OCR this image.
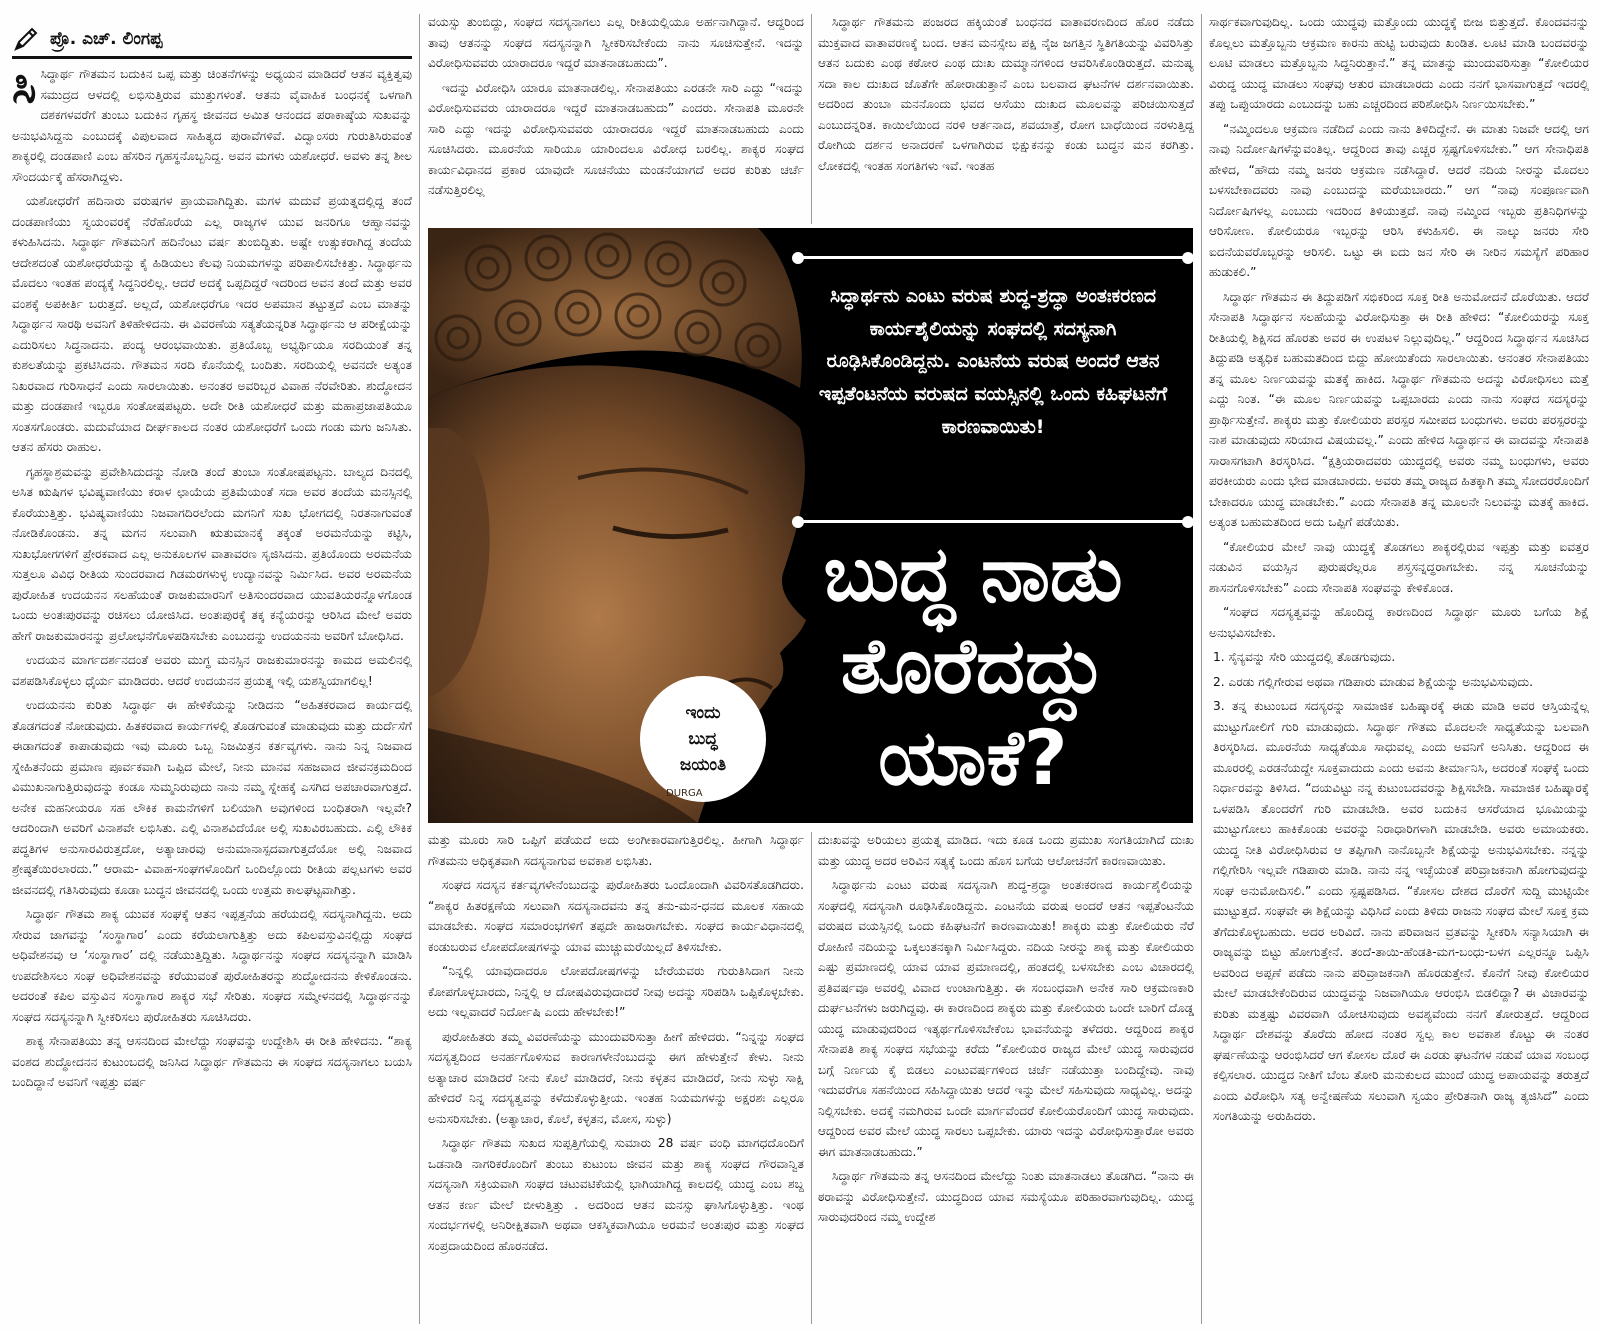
ಪ್ರೊ. ಎಚ್. ಲಿಂಗಪ್ಪ

ಸಿಸಿದ್ಧಾರ್ಥ ಗೌತಮನ ಬದುಕಿನ ಒಪ್ಪ ಮತ್ತು ಚಿಂತನೆಗಳನ್ನು ಅಧ್ಯಯನ ಮಾಡಿದರೆ ಆತನ ವ್ಯಕ್ತಿತ್ವವು ಸಮುದ್ರದ ಆಳದಲ್ಲಿ ಲಭಿಸುತ್ತಿರುವ ಮುತ್ತುಗಳಂತೆ. ಆತನು ವೈವಾಹಿಕ ಬಂಧನಕ್ಕೆ ಒಳಗಾಗಿ ದಶಕಗಳವರೆಗೆ ತುಂಬು ಬದುಕಿನ ಗೃಹಸ್ಥ ಜೀವನದ ಅಮಿತ ಆನಂದದ ಪರಾಕಾಷ್ಠೆಯ ಸುಖವನ್ನು ಅನುಭವಿಸಿದ್ದನು ಎಂಬುದಕ್ಕೆ ವಿಪುಲವಾದ ಸಾಹಿತ್ಯದ ಪುರಾವೆಗಳಿವೆ. ವಿದ್ವಾಂಸರು ಗುರುತಿಸಿರುವಂತೆ ಶಾಕ್ಯರಲ್ಲಿ ದಂಡಪಾಣಿ ಎಂಬ ಹೆಸರಿನ ಗೃಹಸ್ಥನೊಬ್ಬನಿದ್ದ. ಅವನ ಮಗಳು ಯಶೋಧರೆ. ಅವಳು ತನ್ನ ಶೀಲ ಸೌಂದರ್ಯಕ್ಕೆ ಹೆಸರಾಗಿದ್ದಳು.

ಯಶೋಧರೆಗೆ ಹದಿನಾರು ವರುಷಗಳ ಪ್ರಾಯವಾಗಿದ್ದಿತು. ಮಗಳ ಮದುವೆ ಪ್ರಯತ್ನದಲ್ಲಿದ್ದ ತಂದೆ ದಂಡಪಾಣಿಯು ಸ್ವಯಂವರಕ್ಕೆ ನೆರೆಹೊರೆಯ ಎಲ್ಲ ರಾಜ್ಯಗಳ ಯುವ ಜನರಿಗೂ ಆಹ್ವಾನವನ್ನು ಕಳುಹಿಸಿದನು. ಸಿದ್ಧಾರ್ಥ ಗೌತಮನಿಗೆ ಹದಿನೆಂಟು ವರ್ಷ ತುಂಬಿದ್ದಿತು. ಅಷ್ಟೇ ಉತ್ಸುಕರಾಗಿದ್ದ ತಂದೆಯ ಆದೇಶದಂತೆ ಯಶೋಧರೆಯನ್ನು ಕೈ ಹಿಡಿಯಲು ಕೆಲವು ನಿಯಮಗಳನ್ನು ಪರಿಪಾಲಿಸಬೇಕಿತ್ತು. ಸಿದ್ಧಾರ್ಥನು ಮೊದಲು ಇಂತಹ ಪಂದ್ಯಕ್ಕೆ ಸಿದ್ಧನಿರಲಿಲ್ಲ. ಆದರೆ ಅದಕ್ಕೆ ಒಪ್ಪದಿದ್ದರೆ ಇದರಿಂದ ಅವನ ತಂದೆ ಮತ್ತು ಅವರ ವಂಶಕ್ಕೆ ಅಪಕೀರ್ತಿ ಬರುತ್ತದೆ. ಅಲ್ಲದೆ, ಯಶೋಧರೆಗೂ ಇದರ ಅಪಮಾನ ತಟ್ಟುತ್ತದೆ ಎಂಬ ಮಾತನ್ನು ಸಿದ್ಧಾರ್ಥನ ಸಾರಥಿ ಅವನಿಗೆ ತಿಳಿಹೇಳಿದನು. ಈ ವಿವರಣೆಯ ಸತ್ಯತೆಯನ್ನರಿತ ಸಿದ್ಧಾರ್ಥನು ಆ ಪರೀಕ್ಷೆಯನ್ನು ಎದುರಿಸಲು ಸಿದ್ಧನಾದನು. ಪಂದ್ಯ ಆರಂಭವಾಯಿತು. ಪ್ರತಿಯೊಬ್ಬ ಅಭ್ಯರ್ಥಿಯೂ ಸರದಿಯಂತೆ ತನ್ನ ಕುಶಲತೆಯನ್ನು ಪ್ರಕಟಿಸಿದನು. ಗೌತಮನ ಸರದಿ ಕೊನೆಯಲ್ಲಿ ಬಂದಿತು. ಸರದಿಯಲ್ಲಿ ಅವನದೇ ಅತ್ಯಂತ ನಿಖರವಾದ ಗುರಿಸಾಧನೆ ಎಂದು ಸಾರಲಾಯಿತು. ಅನಂತರ ಅವರಿಬ್ಬರ ವಿವಾಹ ನೆರವೇರಿತು. ಶುದ್ಧೋದನ ಮತ್ತು ದಂಡಪಾಣಿ ಇಬ್ಬರೂ ಸಂತೋಷಪಟ್ಟರು. ಅದೇ ರೀತಿ ಯಶೋಧರೆ ಮತ್ತು ಮಹಾಪ್ರಜಾಪತಿಯೂ ಸಂತಸಗೊಂಡರು. ಮದುವೆಯಾದ ದೀರ್ಘಕಾಲದ ನಂತರ ಯಶೋಧರೆಗೆ ಒಂದು ಗಂಡು ಮಗು ಜನಿಸಿತು. ಆತನ ಹೆಸರು ರಾಹುಲ.

ಗೃಹಸ್ಥಾಶ್ರಮವನ್ನು ಪ್ರವೇಶಿಸಿದುದನ್ನು ನೋಡಿ ತಂದೆ ತುಂಬಾ ಸಂತೋಷಪಟ್ಟನು. ಬಾಲ್ಯದ ದಿನದಲ್ಲಿ ಅಸಿತ ಋಷಿಗಳ ಭವಿಷ್ಯವಾಣಿಯು ಕರಾಳ ಛಾಯೆಯ ಪ್ರತಿಮೆಯಂತೆ ಸದಾ ಅವರ ತಂದೆಯ ಮನಸ್ಸಿನಲ್ಲಿ ಕೊರೆಯುತ್ತಿತ್ತು. ಭವಿಷ್ಯವಾಣಿಯು ನಿಜವಾಗದಿರಲೆಂದು ಮಗನಿಗೆ ಸುಖ ಭೋಗದಲ್ಲಿ ನಿರತನಾಗುವಂತೆ ನೋಡಿಕೊಂಡನು. ತನ್ನ ಮಗನ ಸಲುವಾಗಿ ಋತುಮಾನಕ್ಕೆ ತಕ್ಕಂತೆ ಅರಮನೆಯನ್ನು ಕಟ್ಟಿಸಿ, ಸುಖಭೋಗಗಳಿಗೆ ಪ್ರೇರಕವಾದ ಎಲ್ಲ ಅನುಕೂಲಗಳ ವಾತಾವರಣ ಸೃಜಿಸಿದನು. ಪ್ರತಿಯೊಂದು ಅರಮನೆಯ ಸುತ್ತಲೂ ವಿವಿಧ ರೀತಿಯ ಸುಂದರವಾದ ಗಿಡಮರಗಳುಳ್ಳ ಉದ್ಯಾನವನ್ನು ನಿರ್ಮಿಸಿದ. ಅವರ ಅರಮನೆಯ ಪುರೋಹಿತ ಉದಯನನ ಸಲಹೆಯಂತೆ ರಾಜಕುಮಾರನಿಗೆ ಅತಿಸುಂದರವಾದ ಯುವತಿಯರನ್ನೊಳಗೊಂಡ ಒಂದು ಅಂತಃಪುರವನ್ನು ರಚಿಸಲು ಯೋಜಿಸಿದ. ಅಂತಃಪುರಕ್ಕೆ ತಕ್ಕ ಕನ್ಯೆಯರನ್ನು ಆರಿಸಿದ ಮೇಲೆ ಅವರು ಹೇಗೆ ರಾಜಕುಮಾರನನ್ನು ಪ್ರಲೋಭನೆಗೊಳಪಡಿಸಬೇಕು ಎಂಬುದನ್ನು ಉದಯನನು ಅವರಿಗೆ ಬೋಧಿಸಿದ.

ಉದಯನ ಮಾರ್ಗದರ್ಶನದಂತೆ ಅವರು ಮುಗ್ಧ ಮನಸ್ಸಿನ ರಾಜಕುಮಾರನನ್ನು ಕಾಮದ ಅಮಲಿನಲ್ಲಿ ವಶಪಡಿಸಿಕೊಳ್ಳಲು ಧೈರ್ಯ ಮಾಡಿದರು. ಆದರೆ ಉದಯನನ ಪ್ರಯತ್ನ ಇಲ್ಲಿ ಯಶಸ್ವಿಯಾಗಲಿಲ್ಲ!

ಉದಯನನು ಕುರಿತು ಸಿದ್ಧಾರ್ಥ ಈ ಹೇಳಿಕೆಯನ್ನು ನೀಡಿದನು “ಅಹಿತಕರವಾದ ಕಾರ್ಯದಲ್ಲಿ ತೊಡಗದಂತೆ ನೋಡುವುದು. ಹಿತಕರವಾದ ಕಾರ್ಯಗಳಲ್ಲಿ ತೊಡಗುವಂತೆ ಮಾಡುವುದು ಮತ್ತು ದುರ್ದೆಸೆಗೆ ಈಡಾಗದಂತೆ ಕಾಪಾಡುವುದು ಇವು ಮೂರು ಒಬ್ಬ ನಿಜಮಿತ್ರನ ಕರ್ತವ್ಯಗಳು. ನಾನು ನಿನ್ನ ನಿಜವಾದ ಸ್ನೇಹಿತನೆಂದು ಪ್ರಮಾಣ ಪೂರ್ವಕವಾಗಿ ಒಪ್ಪಿದ ಮೇಲೆ, ನೀನು ಮಾನವ ಸಹಜವಾದ ಜೀವನಕ್ರಮದಿಂದ ವಿಮುಖನಾಗುತ್ತಿರುವುದನ್ನು ಕಂಡೂ ಸುಮ್ಮನಿರುವುದು ನಾನು ನಮ್ಮ ಸ್ನೇಹಕ್ಕೆ ಎಸಗಿದ ಅಪಚಾರವಾಗುತ್ತದೆ. ಅನೇಕ ಮಹನೀಯರೂ ಸಹ ಲೌಕಿಕ ಕಾಮನೆಗಳಿಗೆ ಬಲಿಯಾಗಿ ಅವುಗಳಿಂದ ಬಂಧಿತರಾಗಿ ಇಲ್ಲವೇ? ಆದರಿಂದಾಗಿ ಅವರಿಗೆ ವಿನಾಶವೇ ಲಭಿಸಿತು. ಎಲ್ಲಿ ವಿನಾಶವಿದೆಯೋ ಅಲ್ಲಿ ಸುಖವಿರಬಹುದು. ಎಲ್ಲಿ ಲೌಕಿಕ ಪದ್ಧತಿಗಳ ಅನುಸಾರವಿರುತ್ತದೋ, ಅತ್ಯಾಚಾರವು ಅನುಮಾನಾಸ್ಪದವಾಗುತ್ತದೆಯೋ ಅಲ್ಲಿ ನಿಜವಾದ ಶ್ರೇಷ್ಠತೆಯಿರಲಾರದು.” ಆರಾಮ- ವಿವಾಹ-ಸಂಘಗಳೊಂದಿಗೆ ಒಂದಿಲ್ಲೊಂದು ರೀತಿಯ ಪಲ್ಲಟಗಳು ಅವರ ಜೀವನದಲ್ಲಿ ಗತಿಸಿರುವುದು ಕೂಡಾ ಬುದ್ಧನ ಜೀವನದಲ್ಲಿ ಒಂದು ಉತ್ತಮ ಕಾಲಘಟ್ಟವಾಗಿತ್ತು.

ಸಿದ್ಧಾರ್ಥ ಗೌತಮ ಶಾಕ್ಯ ಯುವಕ ಸಂಘಕ್ಕೆ ಆತನ ಇಪ್ಪತ್ತನೆಯ ಹರೆಯದಲ್ಲಿ ಸದಸ್ಯನಾಗಿದ್ದನು. ಅದು ಸೇರುವ ಜಾಗವನ್ನು ‘ಸಂಸ್ಥಾಗಾರ’ ಎಂದು ಕರೆಯಲಾಗುತ್ತಿತ್ತು ಅದು ಕಪಿಲವಸ್ತುವಿನಲ್ಲಿದ್ದು ಸಂಘದ ಅಧಿವೇಶನವು ಆ ‘ಸಂಸ್ಥಾಗಾರ’ ದಲ್ಲಿ ನಡೆಯುತ್ತಿದ್ದಿತು. ಸಿದ್ಧಾರ್ಥನನ್ನು ಸಂಘದ ಸದಸ್ಯನನ್ನಾಗಿ ಮಾಡಿಸಿ ಉಪದೇಶಿಸಲು ಸಂಘ ಅಧಿವೇಶನವನ್ನು ಕರೆಯುವಂತೆ ಪುರೋಹಿತರನ್ನು ಶುದ್ಧೋದನನು ಕೇಳಿಕೊಂಡನು. ಅದರಂತೆ ಕಪಿಲ ವಸ್ತುವಿನ ಸಂಸ್ಥಾಗಾರ ಶಾಕ್ಯರ ಸಭೆ ಸೇರಿತು. ಸಂಘದ ಸಮ್ಮೇಳನದಲ್ಲಿ ಸಿದ್ಧಾರ್ಥನನ್ನು ಸಂಘದ ಸದಸ್ಯನನ್ನಾಗಿ ಸ್ವೀಕರಿಸಲು ಪುರೋಹಿತರು ಸೂಚಿಸಿದರು.

ಶಾಕ್ಯ ಸೇನಾಪತಿಯು ತನ್ನ ಆಸನದಿಂದ ಮೇಲೆದ್ದು ಸಂಘವನ್ನು ಉದ್ದೇಶಿಸಿ ಈ ರೀತಿ ಹೇಳಿದನು. “ಶಾಕ್ಯ ವಂಶದ ಶುದ್ಧೋದನನ ಕುಟುಂಬದಲ್ಲಿ ಜನಿಸಿದ ಸಿದ್ಧಾರ್ಥ ಗೌತಮನು ಈ ಸಂಘದ ಸದಸ್ಯನಾಗಲು ಬಯಸಿ ಬಂದಿದ್ದಾನೆ ಅವನಿಗೆ ಇಪ್ಪತ್ತು ವರ್ಷ

ವಯಸ್ಸು ತುಂಬಿದ್ದು, ಸಂಘದ ಸದಸ್ಯನಾಗಲು ಎಲ್ಲ ರೀತಿಯಲ್ಲಿಯೂ ಅರ್ಹನಾಗಿದ್ದಾನೆ. ಆದ್ದರಿಂದ ತಾವು ಆತನನ್ನು ಸಂಘದ ಸದಸ್ಯನನ್ನಾಗಿ ಸ್ವೀಕರಿಸಬೇಕೆಂದು ನಾನು ಸೂಚಿಸುತ್ತೇನೆ. ಇದನ್ನು ವಿರೋಧಿಸುವವರು ಯಾರಾದರೂ ಇದ್ದರೆ ಮಾತನಾಡಬಹುದು”.

ಇದನ್ನು ವಿರೋಧಿಸಿ ಯಾರೂ ಮಾತನಾಡಲಿಲ್ಲ. ಸೇನಾಪತಿಯು ಎರಡನೇ ಸಾರಿ ಎದ್ದು “ಇದನ್ನು ವಿರೋಧಿಸುವವರು ಯಾರಾದರೂ ಇದ್ದರೆ ಮಾತನಾಡಬಹುದು” ಎಂದರು. ಸೇನಾಪತಿ ಮೂರನೇ ಸಾರಿ ಎದ್ದು ಇದನ್ನು ವಿರೋಧಿಸುವವರು ಯಾರಾದರೂ ಇದ್ದರೆ ಮಾತನಾಡಬಹುದು ಎಂದು ಸೂಚಿಸಿದರು. ಮೂರನೆಯ ಸಾರಿಯೂ ಯಾರಿಂದಲೂ ವಿರೋಧ ಬರಲಿಲ್ಲ. ಶಾಕ್ಯರ ಸಂಘದ ಕಾರ್ಯವಿಧಾನದ ಪ್ರಕಾರ ಯಾವುದೇ ಸೂಚನೆಯು ಮಂಡನೆಯಾಗದೆ ಅದರ ಕುರಿತು ಚರ್ಚೆ ನಡೆಸುತ್ತಿರಲಿಲ್ಲ

ಸಿದ್ಧಾರ್ಥ ಗೌತಮನು ಪಂಜರದ ಹಕ್ಕಿಯಂತೆ ಬಂಧನದ ವಾತಾವರಣದಿಂದ ಹೊರ ನಡೆದು ಮುಕ್ತವಾದ ವಾತಾವರಣಕ್ಕೆ ಬಂದ. ಆತನ ಮನಸ್ಸೇಬ ಪಕ್ಷಿ ನೈಜ ಜಗತ್ತಿನ ಸ್ಥಿತಿಗತಿಯನ್ನು ವಿವರಿಸಿತ್ತು ಆತನ ಬದುಕು ಎಂಥ ಕಠೋರ ಎಂಥ ದುಃಖ ದುಮ್ಮಾನಗಳಿಂದ ಆವರಿಸಿಕೊಂಡಿರುತ್ತದೆ. ಮನುಷ್ಯ ಸದಾ ಕಾಲ ದುಃಖದ ಜೊತೆಗೇ ಹೋರಾಡುತ್ತಾನೆ ಎಂಬ ಬಲವಾದ ಘಟನೆಗಳ ದರ್ಶನವಾಯಿತು. ಅದರಿಂದ ತುಂಬಾ ಮನನೊಂದು ಭವದ ಆಸೆಯು ದುಃಖದ ಮೂಲವನ್ನು ಪರಿಚಯಿಸುತ್ತದೆ ಎಂಬುದನ್ನರಿತ. ಕಾಯಿಲೆಯಿಂದ ನರಳಿ ಆರ್ತನಾದ, ಶವಯಾತ್ರೆ, ರೋಗ ಬಾಧೆಯಿಂದ ನರಳುತ್ತಿದ್ದ ರೋಗಿಯ ದರ್ಶನ ಅನಾದರಣೆ ಒಳಗಾಗಿರುವ ಭಿಕ್ಷುಕನನ್ನು ಕಂಡು ಬುದ್ಧನ ಮನ ಕರಗಿತ್ತು. ಲೋಕದಲ್ಲಿ ಇಂತಹ ಸಂಗತಿಗಳು ಇವೆ. ಇಂತಹ

ಸಾರ್ಥಕವಾಗುವುದಿಲ್ಲ. ಒಂದು ಯುದ್ಧವು ಮತ್ತೊಂದು ಯುದ್ಧಕ್ಕೆ ಬೀಜ ಬಿತ್ತುತ್ತದೆ. ಕೊಂದವನನ್ನು ಕೊಲ್ಲಲು ಮತ್ತೊಬ್ಬನು ಆಕ್ರಮಣ ಕಾರನು ಹುಟ್ಟಿ ಬರುವುದು ಖಂಡಿತ. ಲೂಟಿ ಮಾಡಿ ಬಂದವರನ್ನು ಲೂಟಿ ಮಾಡಲು ಮತ್ತೊಬ್ಬನು ಸಿದ್ಧನಿರುತ್ತಾನೆ.” ತನ್ನ ಮಾತನ್ನು ಮುಂದುವರಿಸುತ್ತಾ “ಕೋಲಿಯರ ವಿರುದ್ಧ ಯುದ್ಧ ಮಾಡಲು ಸಂಘವು ಆತುರ ಮಾಡಬಾರದು ಎಂದು ನನಗೆ ಭಾಸವಾಗುತ್ತದೆ ಇದರಲ್ಲಿ ತಪ್ಪು ಒಪ್ಪುಯಾರದು ಎಂಬುದನ್ನು ಬಹು ಎಚ್ಚರದಿಂದ ಪರಿಶೋಧಿಸಿ ನಿರ್ಣಯಿಸಬೇಕು.”

“ನಮ್ಮಿಂದಲೂ ಆಕ್ರಮಣ ನಡೆದಿದೆ ಎಂದು ನಾನು ತಿಳಿದಿದ್ದೇನೆ. ಈ ಮಾತು ನಿಜವೇ ಆದಲ್ಲಿ ಆಗ ನಾವು ನಿರ್ದೋಷಿಗಳೆನ್ನುವಂತಿಲ್ಲ. ಆದ್ದರಿಂದ ತಾವು ಎಚ್ಚರ ಸ್ಪಷ್ಟಗೊಳಿಸಬೇಕು.” ಆಗ ಸೇನಾಧಿಪತಿ ಹೇಳಿದ, “ಹೌದು ನಮ್ಮ ಜನರು ಆಕ್ರಮಣ ನಡೆಸಿದ್ದಾರೆ. ಆದರೆ ನದಿಯ ನೀರನ್ನು ಮೊದಲು ಬಳಸಬೇಕಾದವರು ನಾವು ಎಂಬುದನ್ನು ಮರೆಯಬಾರದು.” ಆಗ “ನಾವು ಸಂಪೂರ್ಣವಾಗಿ ನಿರ್ದೋಷಿಗಳಲ್ಲ ಎಂಬುದು ಇದರಿಂದ ತಿಳಿಯುತ್ತದೆ. ನಾವು ನಮ್ಮಿಂದ ಇಬ್ಬರು ಪ್ರತಿನಿಧಿಗಳನ್ನು ಆರಿಸೋಣ. ಕೋಲಿಯರೂ ಇಬ್ಬರನ್ನು ಆರಿಸಿ ಕಳುಹಿಸಲಿ. ಈ ನಾಲ್ಕು ಜನರು ಸೇರಿ ಐದನೆಯವರೊಬ್ಬರನ್ನು ಆರಿಸಲಿ. ಒಟ್ಟು ಈ ಐದು ಜನ ಸೇರಿ ಈ ನೀರಿನ ಸಮಸ್ಯೆಗೆ ಪರಿಹಾರ ಹುಡುಕಲಿ.”

ಸಿದ್ಧಾರ್ಥ ಗೌತಮನ ಈ ತಿದ್ದುಪಡಿಗೆ ಸಭಿಕರಿಂದ ಸೂಕ್ತ ರೀತಿ ಅನುಮೋದನೆ ದೊರೆಯಿತು. ಆದರೆ ಸೇನಾಪತಿ ಸಿದ್ಧಾರ್ಥನ ಸಲಹೆಯನ್ನು ವಿರೋಧಿಸುತ್ತಾ ಈ ರೀತಿ ಹೇಳಿದ: “ಕೋಲಿಯರನ್ನು ಸೂಕ್ತ ರೀತಿಯಲ್ಲಿ ಶಿಕ್ಷಿಸದ ಹೊರತು ಅವರ ಈ ಉಪಟಳ ನಿಲ್ಲುವುದಿಲ್ಲ.” ಆದ್ದರಿಂದ ಸಿದ್ಧಾರ್ಥನ ಸೂಚಿಸಿದ ತಿದ್ದುಪಡಿ ಅತ್ಯಧಿಕ ಬಹುಮತದಿಂದ ಬಿದ್ದು ಹೋಯಿತೆಂದು ಸಾರಲಾಯಿತು. ಆನಂತರ ಸೇನಾಪತಿಯು ತನ್ನ ಮೂಲ ನಿರ್ಣಯವನ್ನು ಮತಕ್ಕೆ ಹಾಕಿದ. ಸಿದ್ಧಾರ್ಥ ಗೌತಮನು ಅದನ್ನು ವಿರೋಧಿಸಲು ಮತ್ತೆ ಎದ್ದು ನಿಂತ. “ಈ ಮೂಲ ನಿರ್ಣಯವನ್ನು ಒಪ್ಪಬಾರದು ಎಂದು ನಾನು ಸಂಘದ ಸದಸ್ಯರನ್ನು ಪ್ರಾರ್ಥಿಸುತ್ತೇನೆ. ಶಾಕ್ಯರು ಮತ್ತು ಕೋಲಿಯರು ಪರಸ್ಪರ ಸಮೀಪದ ಬಂಧುಗಳು. ಅವರು ಪರಸ್ಪರರನ್ನು ನಾಶ ಮಾಡುವುದು ಸರಿಯಾದ ವಿಷಯವಲ್ಲ.” ಎಂದು ಹೇಳಿದ ಸಿದ್ಧಾರ್ಥನ ಈ ವಾದವನ್ನು ಸೇನಾಪತಿ ಸಾರಾಸಗಟಾಗಿ ತಿರಸ್ಕರಿಸಿದ. “ಕ್ಷತ್ರಿಯರಾದವರು ಯುದ್ಧದಲ್ಲಿ ಅವರು ನಮ್ಮ ಬಂಧುಗಳು, ಅವರು ಪರಕೀಯರು ಎಂದು ಭೇದ ಮಾಡಬಾರದು. ಅವರು ತಮ್ಮ ರಾಜ್ಯದ ಹಿತಕ್ಕಾಗಿ ತಮ್ಮ ಸೋದರರೊಂದಿಗೆ ಬೇಕಾದರೂ ಯುದ್ಧ ಮಾಡಬೇಕು.” ಎಂದು ಸೇನಾಪತಿ ತನ್ನ ಮೂಲನೇ ನಿಲುವನ್ನು ಮತಕ್ಕೆ ಹಾಕಿದ. ಅತ್ಯಂತ ಬಹುಮತದಿಂದ ಅದು ಒಪ್ಪಿಗೆ ಪಡೆಯಿತು.

“ಕೋಲಿಯರ ಮೇಲೆ ನಾವು ಯುದ್ಧಕ್ಕೆ ತೊಡಗಲು ಶಾಕ್ಯರಲ್ಲಿರುವ ಇಪ್ಪತ್ತು ಮತ್ತು ಐವತ್ತರ ನಡುವಿನ ವಯಸ್ಸಿನ ಪುರುಷರೆಲ್ಲರೂ ಶಸ್ತ್ರಸನ್ನದ್ಧರಾಗಬೇಕು. ನನ್ನ ಸೂಚನೆಯನ್ನು ಶಾಸನಗೊಳಿಸಬೇಕು” ಎಂದು ಸೇನಾಪತಿ ಸಂಘವನ್ನು ಕೇಳಿಕೊಂಡ.

“ಸಂಘದ ಸದಸ್ಯತ್ವವನ್ನು ಹೊಂದಿದ್ದ ಕಾರಣದಿಂದ ಸಿದ್ಧಾರ್ಥ ಮೂರು ಬಗೆಯ ಶಿಕ್ಷೆ ಅನುಭವಿಸಬೇಕು.

1. ಸೈನ್ಯವನ್ನು ಸೇರಿ ಯುದ್ಧದಲ್ಲಿ ತೊಡಗುವುದು.

2. ಎರಡು ಗಲ್ಲಿಗೇರುವ ಅಥವಾ ಗಡಿಪಾರು ಮಾಡುವ ಶಿಕ್ಷೆಯನ್ನು ಅನುಭವಿಸುವುದು.

3. ತನ್ನ ಕುಟುಂಬದ ಸದಸ್ಯರನ್ನು ಸಾಮಾಜಿಕ ಬಹಿಷ್ಕಾರಕ್ಕೆ ಈಡು ಮಾಡಿ ಅವರ ಆಸ್ತಿಯನ್ನೆಲ್ಲ ಮುಟ್ಟುಗೋಲಿಗೆ ಗುರಿ ಮಾಡುವುದು. ಸಿದ್ಧಾರ್ಥ ಗೌತಮ ಮೊದಲನೇ ಸಾಧ್ಯತೆಯನ್ನು ಬಲವಾಗಿ ತಿರಸ್ಕರಿಸಿದ. ಮೂರನೆಯ ಸಾಧ್ಯತೆಯೂ ಸಾಧುವಲ್ಲ ಎಂದು ಅವನಿಗೆ ಅನಿಸಿತು. ಆದ್ದರಿಂದ ಈ ಮೂರರಲ್ಲಿ ಎರಡನೆಯದ್ದೇ ಸೂಕ್ತವಾದುದು ಎಂದು ಅವನು ತೀರ್ಮಾನಿಸಿ, ಅದರಂತೆ ಸಂಘಕ್ಕೆ ಒಂದು ನಿರ್ಧಾರವನ್ನು ತಿಳಿಸಿದ. “ದಯವಿಟ್ಟು ನನ್ನ ಕುಟುಂಬದವರನ್ನು ಶಿಕ್ಷಿಸಬೇಡಿ. ಸಾಮಾಜಿಕ ಬಹಿಷ್ಕಾರಕ್ಕೆ ಒಳಪಡಿಸಿ ತೊಂದರೆಗೆ ಗುರಿ ಮಾಡಬೇಡಿ. ಅವರ ಬದುಕಿನ ಆಸರೆಯಾದ ಭೂಮಿಯನ್ನು ಮುಟ್ಟುಗೋಲು ಹಾಕಿಕೊಂಡು ಅವರನ್ನು ನಿರಾಧಾರಿಗಳಾಗಿ ಮಾಡಬೇಡಿ. ಅವರು ಅಮಾಯಕರು. ಯುದ್ಧ ನೀತಿ ವಿರೋಧಿಸಿರುವ ಆ ತಪ್ಪಿಗಾಗಿ ನಾನೊಬ್ಬನೇ ಶಿಕ್ಷೆಯನ್ನು ಅನುಭವಿಸಬೇಕು. ನನ್ನನ್ನು ಗಲ್ಲಿಗೇರಿಸಿ ಇಲ್ಲವೇ ಗಡಿಪಾರು ಮಾಡಿ. ನಾನು ನನ್ನ ಇಚ್ಛೆಯಂತೆ ಪರಿವ್ರಾಜಕನಾಗಿ ಹೋಗುವುದನ್ನು ಸಂಘ ಅನುಮೋದಿಸಲಿ.” ಎಂದು ಸ್ಪಷ್ಟಪಡಿಸಿದ. “ಕೋಸಲ ದೇಶದ ದೊರೆಗೆ ಸುದ್ದಿ ಮುಟ್ಟಿಯೇ ಮುಟ್ಟುತ್ತದೆ. ಸಂಘವೇ ಈ ಶಿಕ್ಷೆಯನ್ನು ವಿಧಿಸಿದೆ ಎಂದು ತಿಳಿದು ರಾಜನು ಸಂಘದ ಮೇಲೆ ಸೂಕ್ತ ಕ್ರಮ ತೆಗೆದುಕೊಳ್ಳಬಹುದು. ಅದರ ಅರಿವಿದೆ. ನಾನು ಪರಿವಾಜನ ವ್ರತವನ್ನು ಸ್ವೀಕರಿಸಿ ಸನ್ಯಾಸಿಯಾಗಿ ಈ ರಾಜ್ಯವನ್ನು ಬಿಟ್ಟು ಹೋಗುತ್ತೇನೆ. ತಂದೆ-ತಾಯಿ-ಹೆಂಡತಿ-ಮಗ-ಬಂಧು-ಬಳಗ ಎಲ್ಲರನ್ನೂ ಒಪ್ಪಿಸಿ ಅವರಿಂದ ಅಪ್ಪಣೆ ಪಡೆದು ನಾನು ಪರಿವ್ರಾಜಕನಾಗಿ ಹೊರಡುತ್ತೇನೆ. ಕೊನೆಗೆ ನೀವು ಕೋಲಿಯರ ಮೇಲೆ ಮಾಡಬೇಕೆಂದಿರುವ ಯುದ್ಧವನ್ನು ನಿಜವಾಗಿಯೂ ಆರಂಭಿಸಿ ಬಿಡಲಿದ್ದಾ? ಈ ವಿಚಾರವನ್ನು ಕುರಿತು ಮತ್ತಷ್ಟು ವಿವರವಾಗಿ ಯೋಚಿಸುವುದು ಅವಶ್ಯವೆಂದು ನನಗೆ ತೋರುತ್ತದೆ. ಆದ್ದರಿಂದ ಸಿದ್ಧಾರ್ಥ ದೇಶವನ್ನು ತೊರೆದು ಹೋದ ನಂತರ ಸ್ವಲ್ಪ ಕಾಲ ಅವಕಾಶ ಕೊಟ್ಟು ಈ ನಂತರ ಘರ್ಷಣೆಯನ್ನು ಆರಂಭಿಸಿದರೆ ಆಗ ಕೋಸಲ ದೊರೆ ಈ ಎರಡು ಘಟನೆಗಳ ನಡುವೆ ಯಾವ ಸಂಬಂಧ ಕಲ್ಪಿಸಲಾರ. ಯುದ್ಧದ ನೀತಿಗೆ ಬೆಂಬ ತೋರಿ ಮನುಕುಲದ ಮುಂದೆ ಯುದ್ಧ ಅಪಾಯವನ್ನು ತರುತ್ತದೆ ಎಂದು ವಿರೋಧಿಸಿ ಸತ್ಯ ಅನ್ವೇಷಣೆಯ ಸಲುವಾಗಿ ಸ್ವಯಂ ಪ್ರೇರಿತನಾಗಿ ರಾಜ್ಯ ತ್ಯಜಿಸಿದೆ” ಎಂದು ಸಂಗತಿಯನ್ನು ಅರುಹಿದರು.

ಸಿದ್ಧಾರ್ಥನು ಎಂಟು ವರುಷ ಶುದ್ಧ-ಶ್ರದ್ಧಾ ಅಂತಃಕರಣದ ಕಾರ್ಯಶೈಲಿಯನ್ನು ಸಂಘದಲ್ಲಿ ಸದಸ್ಯನಾಗಿ ರೂಢಿಸಿಕೊಂಡಿದ್ದನು. ಎಂಟನೆಯ ವರುಷ ಅಂದರೆ ಆತನ ಇಪ್ಪತೆಂಟನೆಯ ವರುಷದ ವಯಸ್ಸಿನಲ್ಲಿ ಒಂದು ಕಹಿಘಟನೆಗೆ ಕಾರಣವಾಯಿತು!
ಬುದ್ಧ ನಾಡು
ತೊರೆದದ್ದು
ಯಾಕೆ?
ಇಂದು
ಬುದ್ಧ
ಜಯಂತಿ
DURGA

ಮತ್ತು ಮೂರು ಸಾರಿ ಒಪ್ಪಿಗೆ ಪಡೆಯದೆ ಅದು ಅಂಗೀಕಾರವಾಗುತ್ತಿರಲಿಲ್ಲ. ಹೀಗಾಗಿ ಸಿದ್ಧಾರ್ಥ ಗೌತಮನು ಅಧಿಕೃತವಾಗಿ ಸದಸ್ಯನಾಗುವ ಅವಕಾಶ ಲಭಿಸಿತು.

ಸಂಘದ ಸದಸ್ಯನ ಕರ್ತವ್ಯಗಳೇನೆಂಬುದನ್ನು ಪುರೋಹಿತರು ಒಂದೊಂದಾಗಿ ವಿವರಿಸತೊಡಗಿದರು. “ಶಾಕ್ಯರ ಹಿತರಕ್ಷಣೆಯ ಸಲುವಾಗಿ ಸದಸ್ಯನಾದವನು ತನ್ನ ತನು-ಮನ-ಧನದ ಮೂಲಕ ಸಹಾಯ ಮಾಡಬೇಕು. ಸಂಘದ ಸಮಾರಂಭಗಳಿಗೆ ತಪ್ಪದೇ ಹಾಜರಾಗಬೇಕು. ಸಂಘದ ಕಾರ್ಯವಿಧಾನದಲ್ಲಿ ಕಂಡುಬರುವ ಲೋಪದೋಷಗಳನ್ನು ಯಾವ ಮುಚ್ಚುಮರೆಯಿಲ್ಲದೆ ತಿಳಿಸಬೇಕು.

“ನಿನ್ನಲ್ಲಿ ಯಾವುದಾದರೂ ಲೋಪದೋಷಗಳನ್ನು ಬೇರೆಯವರು ಗುರುತಿಸಿದಾಗ ನೀನು ಕೋಪಗೊಳ್ಳಬಾರದು, ನಿನ್ನಲ್ಲಿ ಆ ದೋಷವಿರುವುದಾದರೆ ನೀವು ಅದನ್ನು ಸರಿಪಡಿಸಿ ಒಪ್ಪಿಕೊಳ್ಳಬೇಕು. ಅದು ಇಲ್ಲವಾದರೆ ನಿರ್ದೋಷಿ ಎಂದು ಹೇಳಬೇಕು!”

ಪುರೋಹಿತರು ತಮ್ಮ ವಿವರಣೆಯನ್ನು ಮುಂದುವರಿಸುತ್ತಾ ಹೀಗೆ ಹೇಳಿದರು. “ನಿನ್ನನ್ನು ಸಂಘದ ಸದಸ್ಯತ್ವದಿಂದ ಅನರ್ಹಗೊಳಿಸುವ ಕಾರಣಗಳೇನೆಂಬುದನ್ನು ಈಗ ಹೇಳುತ್ತೇನೆ ಕೇಳು. ನೀನು ಅತ್ಯಾಚಾರ ಮಾಡಿದರೆ ನೀನು ಕೊಲೆ ಮಾಡಿದರೆ, ನೀನು ಕಳ್ಳತನ ಮಾಡಿದರೆ, ನೀನು ಸುಳ್ಳು ಸಾಕ್ಷಿ ಹೇಳಿದರೆ ನಿನ್ನ ಸದಸ್ಯತ್ವವನ್ನು ಕಳೆದುಕೊಳ್ಳುತ್ತೀಯ. ಇಂತಹ ನಿಯಮಗಳನ್ನು ಅಕ್ಷರಶಃ ಎಲ್ಲರೂ ಅನುಸರಿಸಬೇಕು. (ಅತ್ಯಾಚಾರ, ಕೊಲೆ, ಕಳ್ಳತನ, ಮೋಸ, ಸುಳ್ಳು)

ಸಿದ್ಧಾರ್ಥ ಗೌತಮ ಸುಖದ ಸುಪ್ಪತ್ತಿಗೆಯಲ್ಲಿ ಸುಮಾರು 28 ವರ್ಷ ವಂಧಿ ಮಾಗಧದೊಂದಿಗೆ ಒಡನಾಡಿ ನಾಗರಿಕರೊಂದಿಗೆ ತುಂಬು ಕುಟುಂಬ ಜೀವನ ಮತ್ತು ಶಾಕ್ಯ ಸಂಘದ ಗೌರವಾನ್ವಿತ ಸದಸ್ಯನಾಗಿ ಸಕ್ರಿಯವಾಗಿ ಸಂಘದ ಚಟುವಟಿಕೆಯಲ್ಲಿ ಭಾಗಿಯಾಗಿದ್ದ ಕಾಲದಲ್ಲಿ ಯುದ್ಧ ಎಂಬ ಶಬ್ದ ಆತನ ಕರ್ಣ ಮೇಲೆ ಬೀಳುತ್ತಿತ್ತು . ಅದರಿಂದ ಆತನ ಮನಸ್ಸು ಘಾಸಿಗೊಳ್ಳುತ್ತಿತ್ತು. ಇಂಥ ಸಂದರ್ಭಗಳಲ್ಲಿ ಅನಿರೀಕ್ಷಿತವಾಗಿ ಅಥವಾ ಆಕಸ್ಮಿಕವಾಗಿಯೂ ಅರಮನೆ ಅಂತಃಪುರ ಮತ್ತು ಸಂಘದ ಸಂಪ್ರದಾಯದಿಂದ ಹೊರನಡೆದ.

ದುಃಖವನ್ನು ಅರಿಯಲು ಪ್ರಯತ್ನ ಮಾಡಿದ. ಇದು ಕೂಡ ಒಂದು ಪ್ರಮುಖ ಸಂಗತಿಯಾಗಿದೆ ದುಃಖ ಮತ್ತು ಯುದ್ಧ ಅದರ ಅರಿವಿನ ಸತ್ಯಕ್ಕೆ ಒಂದು ಹೊಸ ಬಗೆಯ ಆಲೋಚನೆಗೆ ಕಾರಣವಾಯಿತು.

ಸಿದ್ಧಾರ್ಥನು ಎಂಟು ವರುಷ ಸದಸ್ಯನಾಗಿ ಶುದ್ಧ-ಶ್ರದ್ಧಾ ಅಂತಃಕರಣದ ಕಾರ್ಯಶೈಲಿಯನ್ನು ಸಂಘದಲ್ಲಿ ಸದಸ್ಯನಾಗಿ ರೂಢಿಸಿಕೊಂಡಿದ್ದನು. ಎಂಟನೆಯ ವರುಷ ಅಂದರೆ ಆತನ ಇಪ್ಪತೆಂಟನೆಯ ವರುಷದ ವಯಸ್ಸಿನಲ್ಲಿ ಒಂದು ಕಹಿಘಟನೆಗೆ ಕಾರಣವಾಯಿತು! ಶಾಕ್ಯರು ಮತ್ತು ಕೋಲಿಯರು ನೆರೆ ರೋಹಿಣಿ ನದಿಯನ್ನು ಒಕ್ಕಲುತನಕ್ಕಾಗಿ ನಿರ್ಮಿಸಿದ್ದರು. ನದಿಯ ನೀರನ್ನು ಶಾಕ್ಯ ಮತ್ತು ಕೋಲಿಯರು ಎಷ್ಟು ಪ್ರಮಾಣದಲ್ಲಿ ಯಾವ ಯಾವ ಪ್ರಮಾಣದಲ್ಲಿ, ಹಂತದಲ್ಲಿ ಬಳಸಬೇಕು ಎಂಬ ವಿಚಾರದಲ್ಲಿ ಪ್ರತಿವರ್ಷವೂ ಅವರಲ್ಲಿ ವಿವಾದ ಉಂಟಾಗುತ್ತಿತ್ತು. ಈ ಸಂಬಂಧವಾಗಿ ಅನೇಕ ಸಾರಿ ಆಕ್ರಮಣಕಾರಿ ದುರ್ಘಟನೆಗಳು ಜರುಗಿದ್ದವು. ಈ ಕಾರಣದಿಂದ ಶಾಕ್ಯರು ಮತ್ತು ಕೋಲಿಯರು ಒಂದೇ ಬಾರಿಗೆ ದೊಡ್ಡ ಯುದ್ಧ ಮಾಡುವುದರಿಂದ ಇತ್ಯರ್ಥಗೊಳಿಸಬೇಕೆಂಬ ಭಾವನೆಯನ್ನು ತಳೆದರು. ಆದ್ದರಿಂದ ಶಾಕ್ಯರ ಸೇನಾಪತಿ ಶಾಕ್ಯ ಸಂಘದ ಸಭೆಯನ್ನು ಕರೆದು “ಕೋಲಿಯರ ರಾಜ್ಯದ ಮೇಲೆ ಯುದ್ಧ ಸಾರುವುದರ ಬಗ್ಗೆ ನಿರ್ಣಯ ಕೈ ಬಿಡಲು ಎಂಟುವರ್ಷಗಳಿಂದ ಚರ್ಚೆ ನಡೆಯುತ್ತಾ ಬಂದಿದ್ದೇವು. ನಾವು ಇದುವರೆಗೂ ಸಹನೆಯಿಂದ ಸಹಿಸಿದ್ದಾಯಿತು ಆದರೆ ಇನ್ನು ಮೇಲೆ ಸಹಿಸುವುದು ಸಾಧ್ಯವಿಲ್ಲ. ಅದನ್ನು ನಿಲ್ಲಿಸಬೇಕು. ಅದಕ್ಕೆ ನಮಗಿರುವ ಒಂದೇ ಮಾರ್ಗವೆಂದರೆ ಕೋಲಿಯರೊಂದಿಗೆ ಯುದ್ಧ ಸಾರುವುದು. ಆದ್ದರಿಂದ ಅವರ ಮೇಲೆ ಯುದ್ಧ ಸಾರಲು ಒಪ್ಪಬೇಕು. ಯಾರು ಇದನ್ನು ವಿರೋಧಿಸುತ್ತಾರೋ ಅವರು ಈಗ ಮಾತನಾಡಬಹುದು.”

ಸಿದ್ಧಾರ್ಥ ಗೌತಮನು ತನ್ನ ಆಸನದಿಂದ ಮೇಲೆದ್ದು ನಿಂತು ಮಾತನಾಡಲು ತೊಡಗಿದ. “ನಾನು ಈ ಠರಾವನ್ನು ವಿರೋಧಿಸುತ್ತೇನೆ. ಯುದ್ಧದಿಂದ ಯಾವ ಸಮಸ್ಯೆಯೂ ಪರಿಹಾರವಾಗುವುದಿಲ್ಲ. ಯುದ್ಧ ಸಾರುವುದರಿಂದ ನಮ್ಮ ಉದ್ದೇಶ
